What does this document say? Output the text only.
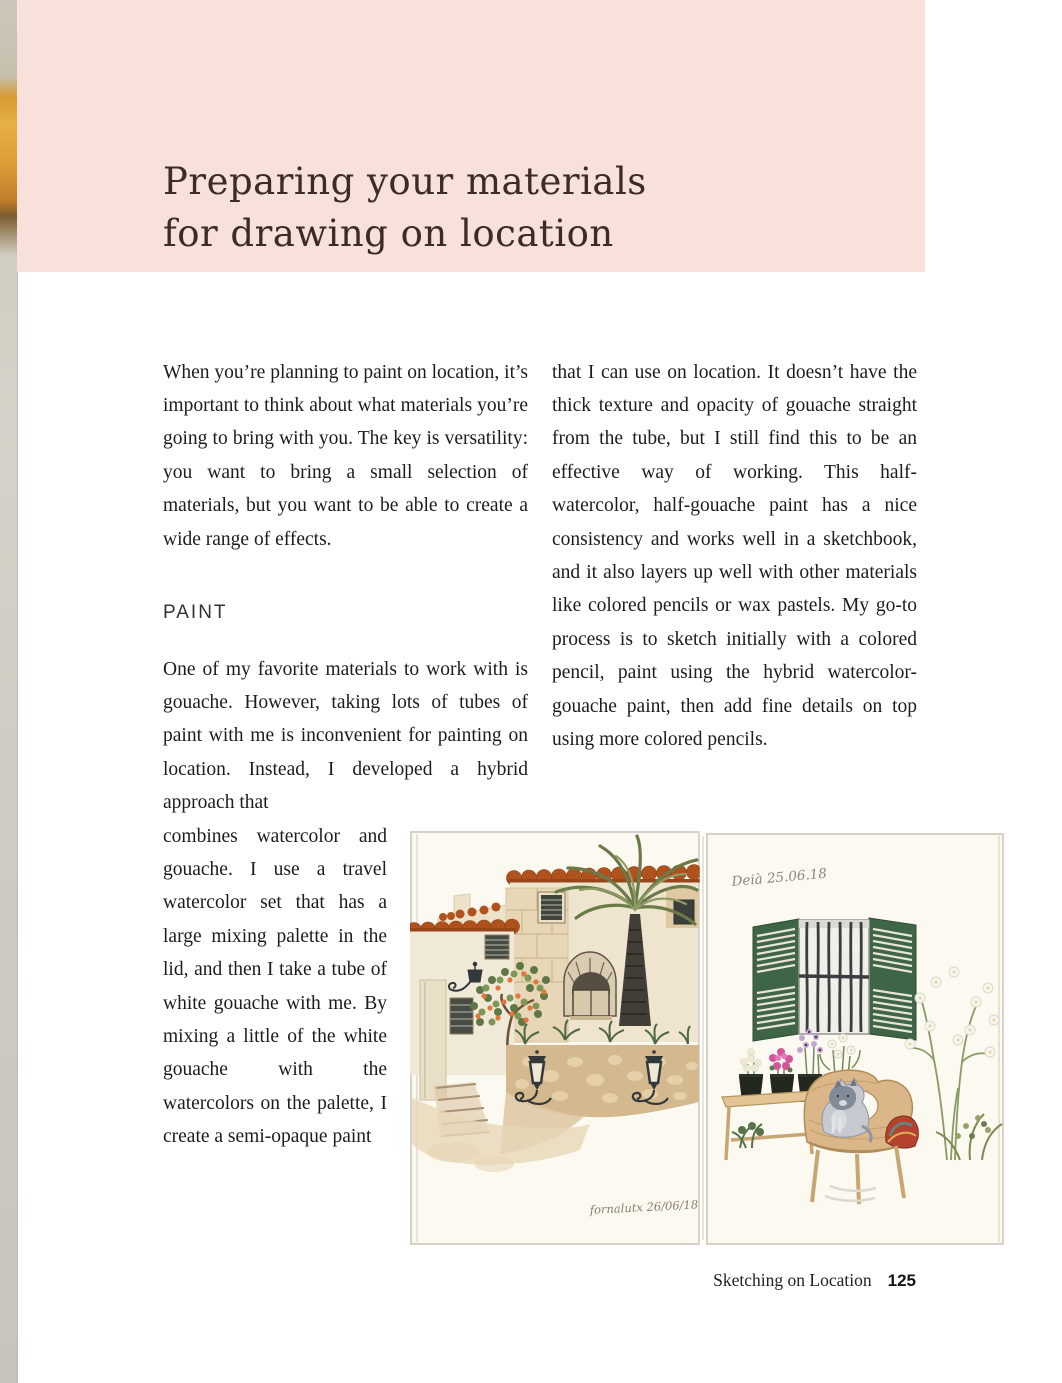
Preparing your materials
for drawing on location

When you’re planning to paint on location, it’s important to think about what materials you’re going to bring with you. The key is versatility: you want to bring a small selection of materials, but you want to be able to create a wide range of effects.

PAINT

One of my favorite materials to work with is gouache. However, taking lots of tubes of paint with me is inconvenient for painting on location. Instead, I developed a hybrid approach that

combines watercolor and gouache. I use a travel watercolor set that has a large mixing palette in the lid, and then I take a tube of white gouache with me. By mixing a little of the white gouache with the watercolors on the palette, I create a semi-opaque paint

that I can use on location. It doesn’t have the thick texture and opacity of gouache straight from the tube, but I still find this to be an effective way of working. This half-watercolor, half-gouache paint has a nice consistency and works well in a sketchbook, and it also layers up well with other materials like colored pencils or wax pastels. My go-to process is to sketch initially with a colored pencil, paint using the hybrid watercolor-gouache paint, then add fine details on top using more colored pencils.

fornalutx 26/06/18
Deià 25.06.18
Sketching on Location 125
